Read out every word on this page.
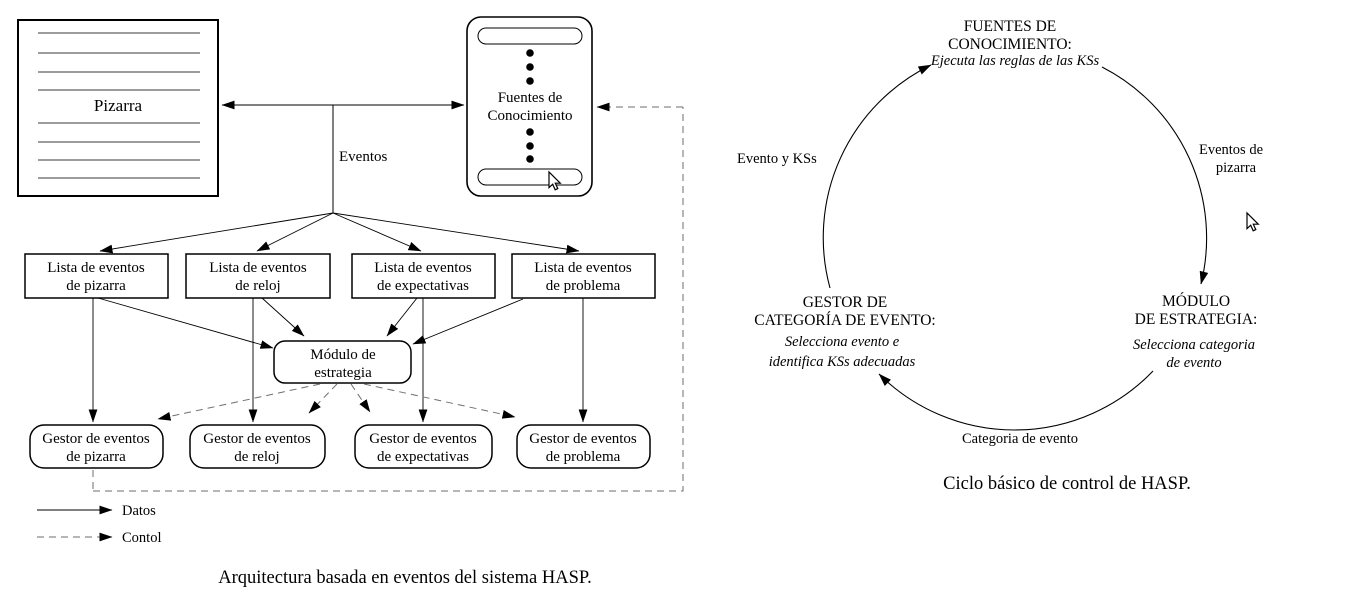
Pizarra	Fuentes de
Conocimiento
Eventos
Lista de eventos
de pizarra
Lista de eventos
de reloj
Lista de eventos
de expectativas
Lista de eventos
de problema
Módulo de
estrategia
Gestor de eventos
de pizarra
Gestor de eventos
de reloj
Gestor de eventos
de expectativas
Gestor de eventos
de problema
Datos
Contol
Arquitectura basada en eventos del sistema HASP.
FUENTES DE
CONOCIMIENTO:
Ejecuta las reglas de las KSs
MÓDULO
DE ESTRATEGIA:
Selecciona categoria
de evento
GESTOR DE
CATEGORÍA DE EVENTO:
Selecciona evento e
identifica KSs adecuadas
Evento y KSs
Eventos de
pizarra
Categoria de evento
Ciclo básico de control de HASP.
